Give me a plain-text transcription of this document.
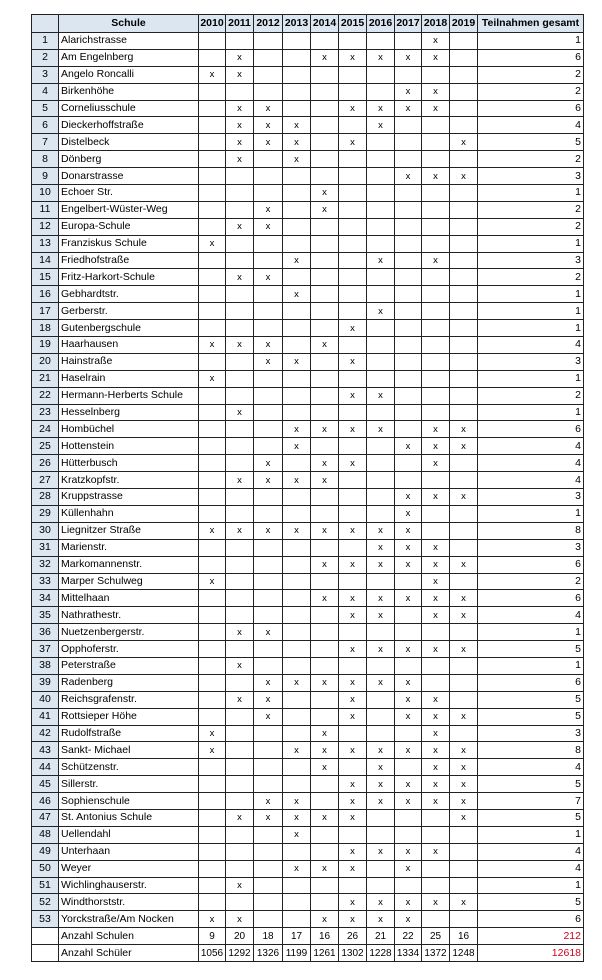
	Schule	2010	2011	2012	2013	2014	2015	2016	2017	2018	2019	Teilnahmen gesamt
1	Alarichstrasse									x		1
2	Am Engelnberg		x			x	x	x	x	x		6
3	Angelo Roncalli	x	x									2
4	Birkenhöhe								x	x		2
5	Corneliusschule		x	x			x	x	x	x		6
6	Dieckerhoffstraße		x	x	x			x				4
7	Distelbeck		x	x	x		x				x	5
8	Dönberg		x		x							2
9	Donarstrasse								x	x	x	3
10	Echoer Str.					x						1
11	Engelbert-Wüster-Weg			x		x						2
12	Europa-Schule		x	x								2
13	Franziskus Schule	x										1
14	Friedhofstraße				x			x		x		3
15	Fritz-Harkort-Schule		x	x								2
16	Gebhardtstr.				x							1
17	Gerberstr.							x				1
18	Gutenbergschule						x					1
19	Haarhausen	x	x	x		x						4
20	Hainstraße			x	x		x					3
21	Haselrain	x										1
22	Hermann-Herberts Schule						x	x				2
23	Hesselnberg		x									1
24	Hombüchel				x	x	x	x		x	x	6
25	Hottenstein				x				x	x	x	4
26	Hütterbusch			x		x	x			x		4
27	Kratzkopfstr.		x	x	x	x						4
28	Kruppstrasse								x	x	x	3
29	Küllenhahn								x			1
30	Liegnitzer Straße	x	x	x	x	x	x	x	x			8
31	Marienstr.							x	x	x		3
32	Markomannenstr.					x	x	x	x	x	x	6
33	Marper Schulweg	x								x		2
34	Mittelhaan					x	x	x	x	x	x	6
35	Nathrathestr.						x	x		x	x	4
36	Nuetzenbergerstr.		x	x								1
37	Opphoferstr.						x	x	x	x	x	5
38	Peterstraße		x									1
39	Radenberg			x	x	x	x	x	x			6
40	Reichsgrafenstr.		x	x			x		x	x		5
41	Rottsieper Höhe			x			x		x	x	x	5
42	Rudolfstraße	x				x				x		3
43	Sankt- Michael	x			x	x	x	x	x	x	x	8
44	Schützenstr.					x		x		x	x	4
45	Sillerstr.						x	x	x	x	x	5
46	Sophienschule			x	x		x	x	x	x	x	7
47	St. Antonius Schule		x	x	x	x	x				x	5
48	Uellendahl				x							1
49	Unterhaan						x	x	x	x		4
50	Weyer				x	x	x		x			4
51	Wichlinghauserstr.		x									1
52	Windthorststr.						x	x	x	x	x	5
53	Yorckstraße/Am Nocken	x	x			x	x	x	x			6
	Anzahl Schulen	9	20	18	17	16	26	21	22	25	16	212
	Anzahl Schüler	1056	1292	1326	1199	1261	1302	1228	1334	1372	1248	12618
